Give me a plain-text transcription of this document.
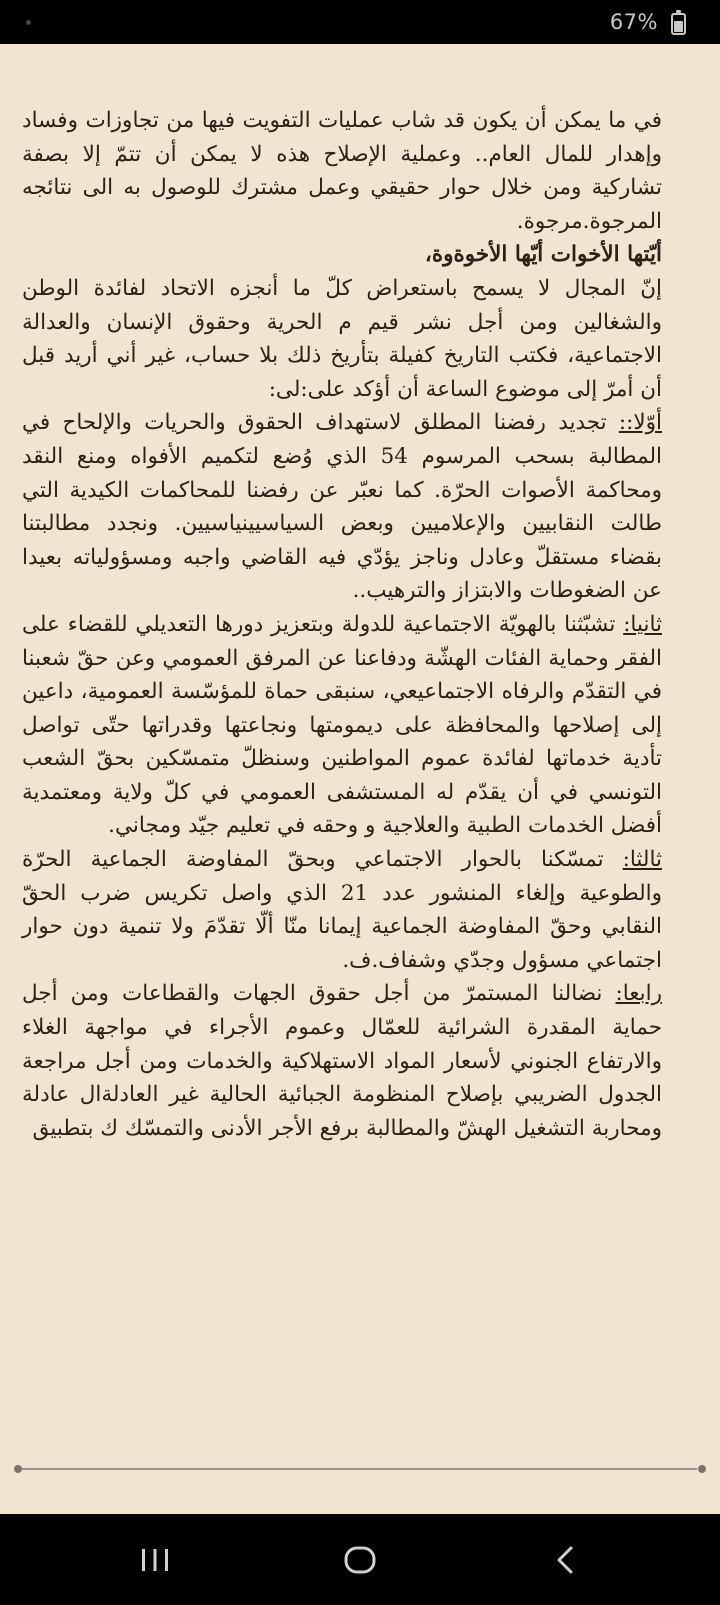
67%

في ما يمكن أن يكون قد شاب عمليات التفويت فيها من تجاوزات وفساد وإهدار للمال العام.. وعملية الإصلاح هذه لا يمكن أن تتمّ إلا بصفة تشاركية ومن خلال حوار حقيقي وعمل مشترك للوصول به الى نتائجه المرجوة.مرجوة.

أيّتها الأخوات أيّها الأخوةوة،

إنّ المجال لا يسمح باستعراض كلّ ما أنجزه الاتحاد لفائدة الوطن والشغالين ومن أجل نشر قيم م الحرية وحقوق الإنسان والعدالة الاجتماعية، فكتب التاريخ كفيلة بتأريخ ذلك بلا حساب، غير أني أريد قبل أن أمرّ إلى موضوع الساعة أن أؤكد على:لى:

أوّلا:: تجديد رفضنا المطلق لاستهداف الحقوق والحريات والإلحاح في المطالبة بسحب المرسوم 54 الذي وُضع لتكميم الأفواه ومنع النقد ومحاكمة الأصوات الحرّة. كما نعبّر عن رفضنا للمحاكمات الكيدية التي طالت النقابيين والإعلاميين وبعض السياسيينياسيين. ونجدد مطالبتنا بقضاء مستقلّ وعادل وناجز يؤدّي فيه القاضي واجبه ومسؤولياته بعيدا عن الضغوطات والابتزاز والترهيب..

ثانيا: تشبّثنا بالهويّة الاجتماعية للدولة وبتعزيز دورها التعديلي للقضاء على الفقر وحماية الفئات الهشّة ودفاعنا عن المرفق العمومي وعن حقّ شعبنا في التقدّم والرفاه الاجتماعيعي، سنبقى حماة للمؤسّسة العمومية، داعين إلى إصلاحها والمحافظة على ديمومتها ونجاعتها وقدراتها حتّى تواصل تأدية خدماتها لفائدة عموم المواطنين وسنظلّ متمسّكين بحقّ الشعب التونسي في أن يقدّم له المستشفى العمومي في كلّ ولاية ومعتمدية أفضل الخدمات الطبية والعلاجية و وحقه في تعليم جيّد ومجاني.

ثالثا: تمسّكنا بالحوار الاجتماعي وبحقّ المفاوضة الجماعية الحرّة والطوعية وإلغاء المنشور عدد 21 الذي واصل تكريس ضرب الحقّ النقابي وحقّ المفاوضة الجماعية إيمانا منّا ألّا تقدّمَ ولا تنمية دون حوار اجتماعي مسؤول وجدّي وشفاف.ف.

رابعا: نضالنا المستمرّ من أجل حقوق الجهات والقطاعات ومن أجل حماية المقدرة الشرائية للعمّال وعموم الأجراء في مواجهة الغلاء والارتفاع الجنوني لأسعار المواد الاستهلاكية والخدمات ومن أجل مراجعة الجدول الضريبي بإصلاح المنظومة الجبائية الحالية غير العادلةال عادلة ومحاربة التشغيل الهشّ والمطالبة برفع الأجر الأدنى والتمسّك ك بتطبيق
